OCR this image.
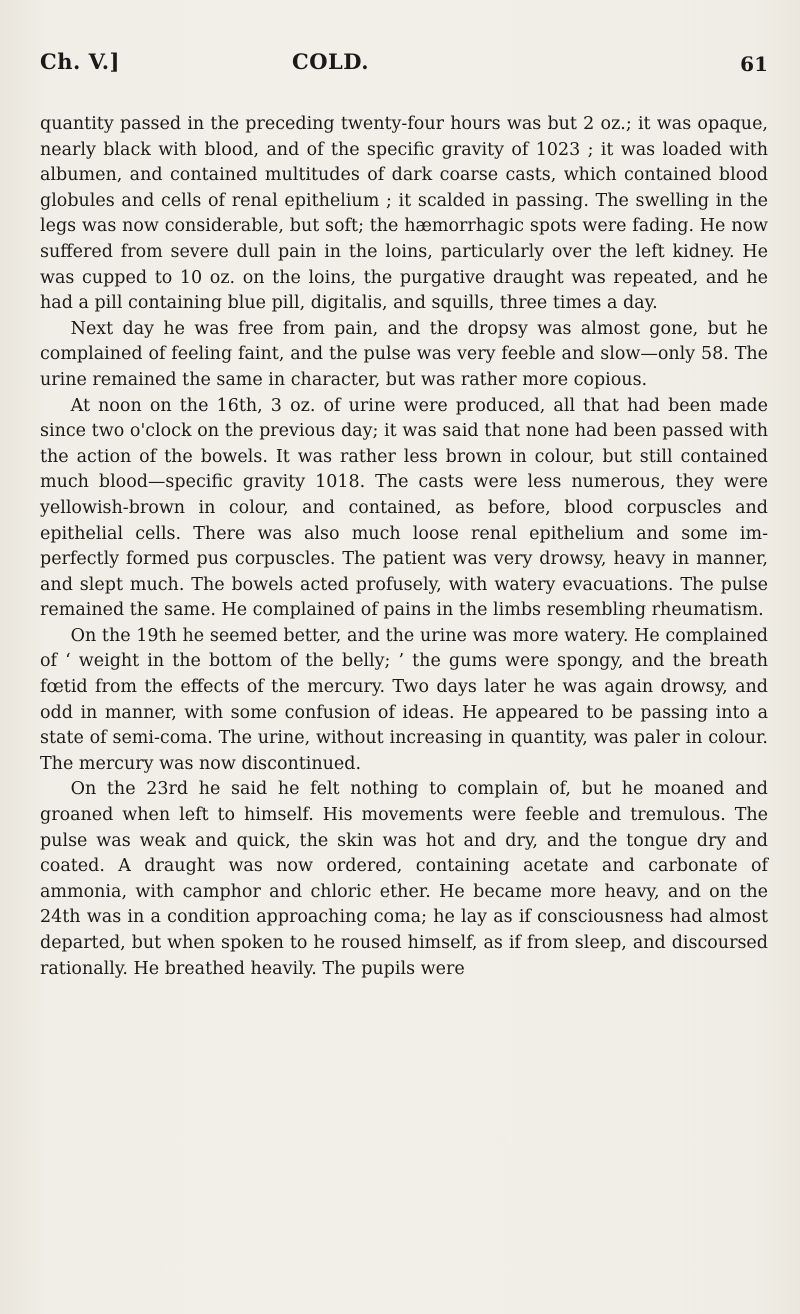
Ch. V.]	COLD.	61

quantity passed in the preceding twenty-four hours was but 2 oz.; it was opaque, nearly black with blood, and of the specific gravity of 1023 ; it was loaded with albumen, and contained multitudes of dark coarse casts, which contained blood globules and cells of renal epithelium ; it scalded in passing. The swelling in the legs was now considerable, but soft; the hæmorrhagic spots were fading. He now suffered from severe dull pain in the loins, particularly over the left kidney. He was cupped to 10 oz. on the loins, the purgative draught was repeated, and he had a pill containing blue pill, digitalis, and squills, three times a day.

Next day he was free from pain, and the dropsy was almost gone, but he complained of feeling faint, and the pulse was very feeble and slow—only 58. The urine remained the same in character, but was rather more copious.

At noon on the 16th, 3 oz. of urine were produced, all that had been made since two o'clock on the previous day; it was said that none had been passed with the action of the bowels. It was rather less brown in colour, but still contained much blood—specific gravity 1018. The casts were less numerous, they were yellowish-brown in colour, and contained, as before, blood corpuscles and epithelial cells. There was also much loose renal epithelium and some im-perfectly formed pus corpuscles. The patient was very drowsy, heavy in manner, and slept much. The bowels acted profusely, with watery evacuations. The pulse remained the same. He complained of pains in the limbs resembling rheumatism.

On the 19th he seemed better, and the urine was more watery. He complained of ‘ weight in the bottom of the belly; ’ the gums were spongy, and the breath fœtid from the effects of the mercury. Two days later he was again drowsy, and odd in manner, with some confusion of ideas. He appeared to be passing into a state of semi-coma. The urine, without increasing in quantity, was paler in colour. The mercury was now discontinued.

On the 23rd he said he felt nothing to complain of, but he moaned and groaned when left to himself. His movements were feeble and tremulous. The pulse was weak and quick, the skin was hot and dry, and the tongue dry and coated. A draught was now ordered, containing acetate and carbonate of ammonia, with camphor and chloric ether. He became more heavy, and on the 24th was in a condition approaching coma; he lay as if consciousness had almost departed, but when spoken to he roused himself, as if from sleep, and discoursed rationally. He breathed heavily. The pupils were
